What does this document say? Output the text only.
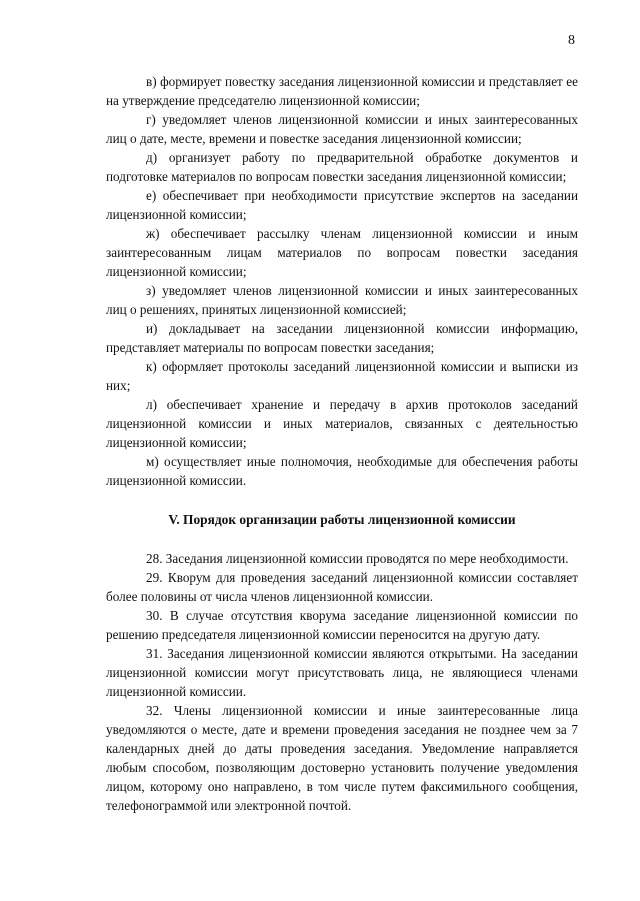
8

в) формирует повестку заседания лицензионной комиссии и представляет ее на утверждение председателю лицензионной комиссии;

г) уведомляет членов лицензионной комиссии и иных заинтересованных лиц о дате, месте, времени и повестке заседания лицензионной комиссии;

д) организует работу по предварительной обработке документов и подготовке материалов по вопросам повестки заседания лицензионной комиссии;

е) обеспечивает при необходимости присутствие экспертов на заседании лицензионной комиссии;

ж) обеспечивает рассылку членам лицензионной комиссии и иным заинтересованным лицам материалов по вопросам повестки заседания лицензионной комиссии;

з) уведомляет членов лицензионной комиссии и иных заинтересованных лиц о решениях, принятых лицензионной комиссией;

и) докладывает на заседании лицензионной комиссии информацию, представляет материалы по вопросам повестки заседания;

к) оформляет протоколы заседаний лицензионной комиссии и выписки из них;

л) обеспечивает хранение и передачу в архив протоколов заседаний лицензионной комиссии и иных материалов, связанных с деятельностью лицензионной комиссии;

м) осуществляет иные полномочия, необходимые для обеспечения работы лицензионной комиссии.

V. Порядок организации работы лицензионной комиссии

28. Заседания лицензионной комиссии проводятся по мере необходимости.

29. Кворум для проведения заседаний лицензионной комиссии составляет более половины от числа членов лицензионной комиссии.

30. В случае отсутствия кворума заседание лицензионной комиссии по решению председателя лицензионной комиссии переносится на другую дату.

31. Заседания лицензионной комиссии являются открытыми. На заседании лицензионной комиссии могут присутствовать лица, не являющиеся членами лицензионной комиссии.

32. Члены лицензионной комиссии и иные заинтересованные лица уведомляются о месте, дате и времени проведения заседания не позднее чем за 7 календарных дней до даты проведения заседания. Уведомление направляется любым способом, позволяющим достоверно установить получение уведомления лицом, которому оно направлено, в том числе путем факсимильного сообщения, телефонограммой или электронной почтой.
